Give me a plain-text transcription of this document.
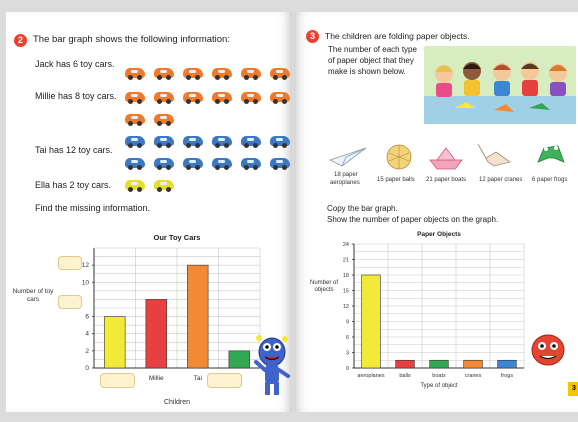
2	The bar graph shows the following information:
Jack has 6 toy cars.
Millie has 8 toy cars.
Tai has 12 toy cars.
Ella has 2 toy cars.
Find the missing information.
Number of toy cars
Our Toy Cars
0
2
4
6
10
12
Millie	Tai
Children
3	The children are folding paper objects.
The number of each type
of paper object that they
make is shown below.
18 paper
aeroplanes	15 paper balls 21 paper boats 12 paper cranes 6 paper frogs
Copy the bar graph.
Show the number of paper objects on the graph.
Number of objects
Paper Objects
0
3
6
9
12
15
18
21
24
aeroplanes	balls	boats	cranes	frogs
Type of object	3
